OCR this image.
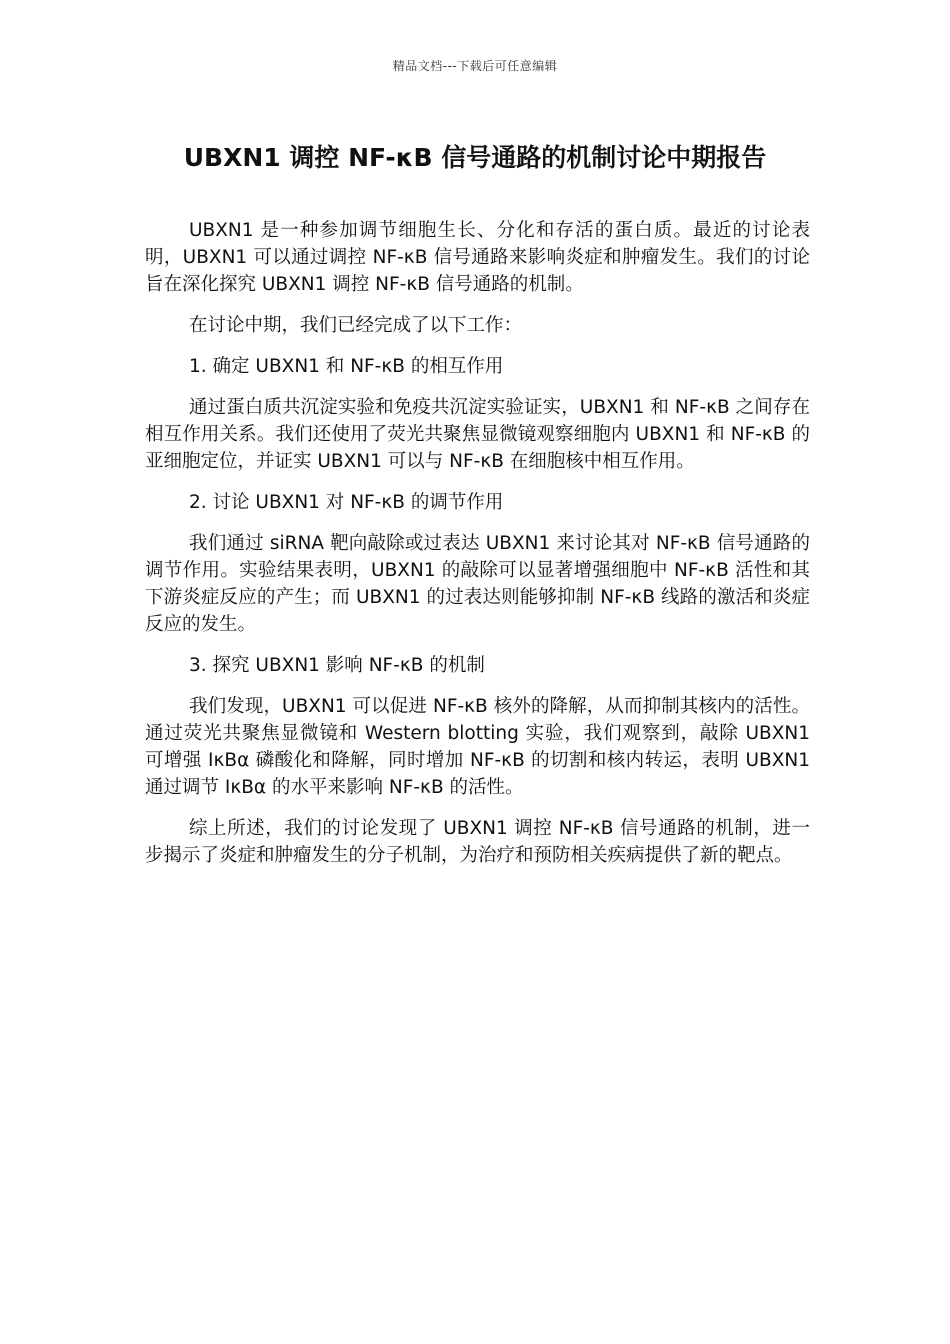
精品文档---下载后可任意编辑
UBXN1 调控 NF-κB 信号通路的机制讨论中期报告

UBXN1 是一种参加调节细胞生长、分化和存活的蛋白质。最近的讨论表明，UBXN1 可以通过调控 NF-κB 信号通路来影响炎症和肿瘤发生。我们的讨论旨在深化探究 UBXN1 调控 NF-κB 信号通路的机制。

在讨论中期，我们已经完成了以下工作：

1. 确定 UBXN1 和 NF-κB 的相互作用

通过蛋白质共沉淀实验和免疫共沉淀实验证实，UBXN1 和 NF-κB 之间存在相互作用关系。我们还使用了荧光共聚焦显微镜观察细胞内 UBXN1 和 NF-κB 的亚细胞定位，并证实 UBXN1 可以与 NF-κB 在细胞核中相互作用。

2. 讨论 UBXN1 对 NF-κB 的调节作用

我们通过 siRNA 靶向敲除或过表达 UBXN1 来讨论其对 NF-κB 信号通路的调节作用。实验结果表明，UBXN1 的敲除可以显著增强细胞中 NF-κB 活性和其下游炎症反应的产生；而 UBXN1 的过表达则能够抑制 NF-κB 线路的激活和炎症反应的发生。

3. 探究 UBXN1 影响 NF-κB 的机制

我们发现，UBXN1 可以促进 NF-κB 核外的降解，从而抑制其核内的活性。通过荧光共聚焦显微镜和 Western blotting 实验，我们观察到，敲除 UBXN1 可增强 IκBα 磷酸化和降解，同时增加 NF-κB 的切割和核内转运，表明 UBXN1 通过调节 IκBα 的水平来影响 NF-κB 的活性。

综上所述，我们的讨论发现了 UBXN1 调控 NF-κB 信号通路的机制，进一步揭示了炎症和肿瘤发生的分子机制，为治疗和预防相关疾病提供了新的靶点。
